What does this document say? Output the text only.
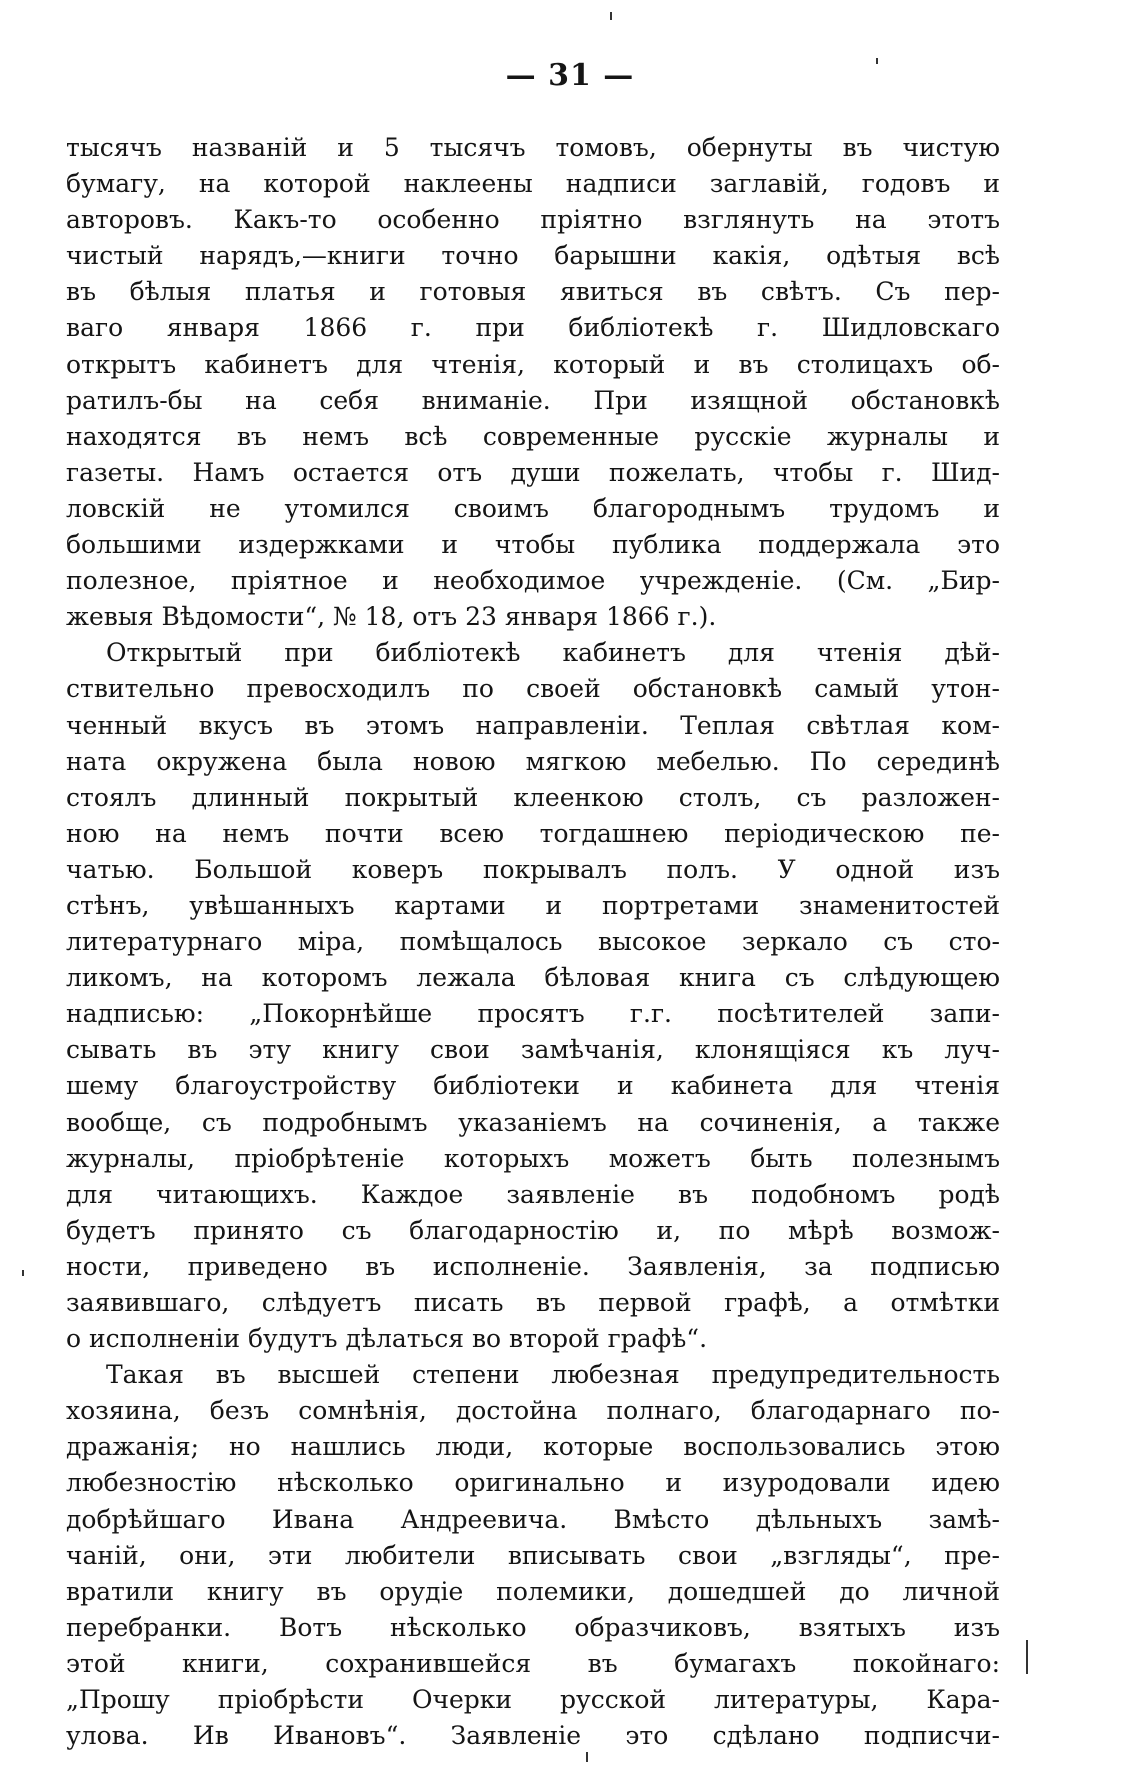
— 31 —
тысячъ названій и 5 тысячъ томовъ, обернуты въ чистую
бумагу, на которой наклеены надписи заглавій, годовъ и
авторовъ. Какъ-то особенно пріятно взглянуть на этотъ
чистый нарядъ,—книги точно барышни какія, одѣтыя всѣ
въ бѣлыя платья и готовыя явиться въ свѣтъ. Съ пер-
ваго января 1866 г. при библіотекѣ г. Шидловскаго
открытъ кабинетъ для чтенія, который и въ столицахъ об-
ратилъ-бы на себя вниманіе. При изящной обстановкѣ
находятся въ немъ всѣ современные русскіе журналы и
газеты. Намъ остается отъ души пожелать, чтобы г. Шид-
ловскій не утомился своимъ благороднымъ трудомъ и
большими издержками и чтобы публика поддержала это
полезное, пріятное и необходимое учрежденіе. (См. „Бир-
жевыя Вѣдомости“, № 18, отъ 23 января 1866 г.).
Открытый при библіотекѣ кабинетъ для чтенія дѣй-
ствительно превосходилъ по своей обстановкѣ самый утон-
ченный вкусъ въ этомъ направленіи. Теплая свѣтлая ком-
ната окружена была новою мягкою мебелью. По серединѣ
стоялъ длинный покрытый клеенкою столъ, съ разложен-
ною на немъ почти всею тогдашнею періодическою пе-
чатью. Большой коверъ покрывалъ полъ. У одной изъ
стѣнъ, увѣшанныхъ картами и портретами знаменитостей
литературнаго міра, помѣщалось высокое зеркало съ сто-
ликомъ, на которомъ лежала бѣловая книга съ слѣдующею
надписью: „Покорнѣйше просятъ г.г. посѣтителей запи-
сывать въ эту книгу свои замѣчанія, клонящіяся къ луч-
шему благоустройству библіотеки и кабинета для чтенія
вообще, съ подробнымъ указаніемъ на сочиненія, а также
журналы, пріобрѣтеніе которыхъ можетъ быть полезнымъ
для читающихъ. Каждое заявленіе въ подобномъ родѣ
будетъ принято съ благодарностію и, по мѣрѣ возмож-
ности, приведено въ исполненіе. Заявленія, за подписью
заявившаго, слѣдуетъ писать въ первой графѣ, а отмѣтки
о исполненіи будутъ дѣлаться во второй графѣ“.
Такая въ высшей степени любезная предупредительность
хозяина, безъ сомнѣнія, достойна полнаго, благодарнаго по-
дражанія; но нашлись люди, которые воспользовались этою
любезностію нѣсколько оригинально и изуродовали идею
добрѣйшаго Ивана Андреевича. Вмѣсто дѣльныхъ замѣ-
чаній, они, эти любители вписывать свои „взгляды“, пре-
вратили книгу въ орудіе полемики, дошедшей до личной
перебранки. Вотъ нѣсколько образчиковъ, взятыхъ изъ
этой книги, сохранившейся въ бумагахъ покойнаго:
„Прошу пріобрѣсти Очерки русской литературы, Кара-
улова. Ив Ивановъ“. Заявленіе это сдѣлано подписчи-
